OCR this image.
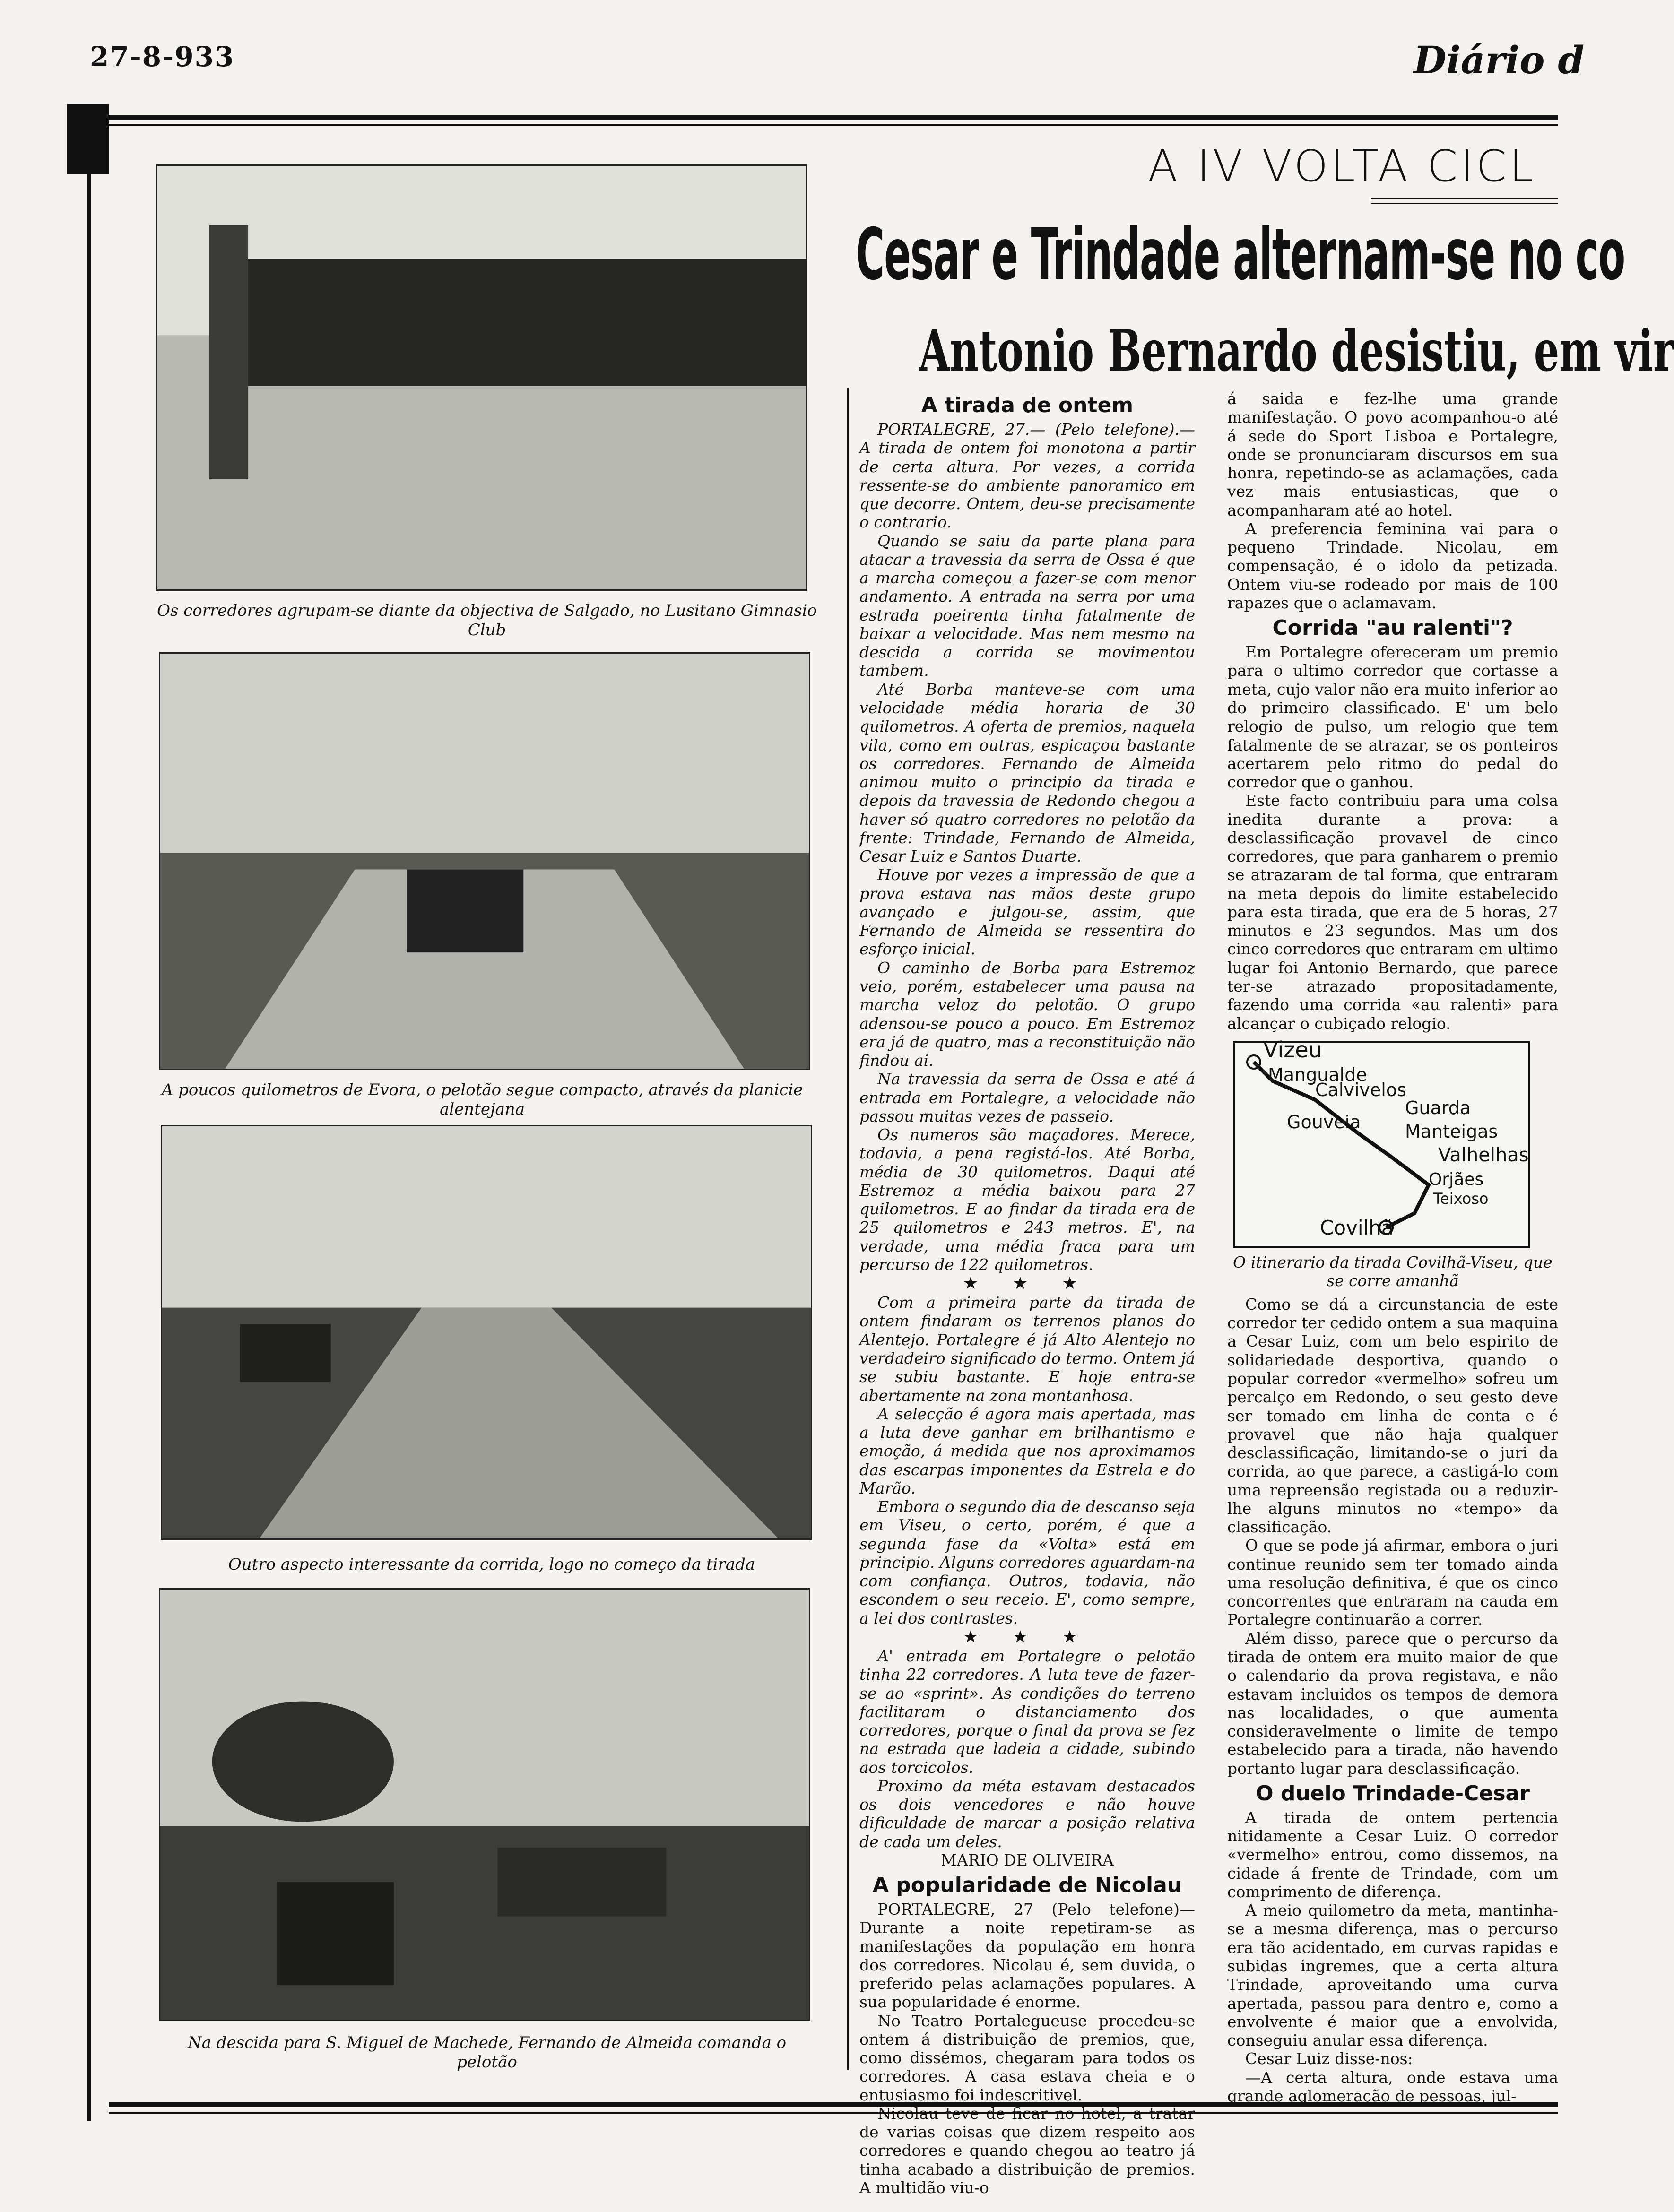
27-8-933	Diário d
Os corredores agrupam-se diante da objectiva de Salgado, no Lusitano Gimnasio Club
A poucos quilometros de Evora, o pelotão segue compacto, através da planicie alentejana
Outro aspecto interessante da corrida, logo no começo da tirada
Na descida para S. Miguel de Machede, Fernando de Almeida comanda o pelotão
A IV VOLTA CICL
Cesar e Trindade alternam-se no co
Antonio Bernardo desistiu, em vir
A tirada de ontem

PORTALEGRE, 27.— (Pelo telefone).— A tirada de ontem foi monotona a partir de certa altura. Por vezes, a corrida ressente-se do ambiente panoramico em que decorre. Ontem, deu-se precisamente o contrario.

Quando se saiu da parte plana para atacar a travessia da serra de Ossa é que a marcha começou a fazer-se com menor andamento. A entrada na serra por uma estrada poeirenta tinha fatalmente de baixar a velocidade. Mas nem mesmo na descida a corrida se movimentou tambem.

Até Borba manteve-se com uma velocidade média horaria de 30 quilometros. A oferta de premios, naquela vila, como em outras, espicaçou bastante os corredores. Fernando de Almeida animou muito o principio da tirada e depois da travessia de Redondo chegou a haver só quatro corredores no pelotão da frente: Trindade, Fernando de Almeida, Cesar Luiz e Santos Duarte.

Houve por vezes a impressão de que a prova estava nas mãos deste grupo avançado e julgou-se, assim, que Fernando de Almeida se ressentira do esforço inicial.

O caminho de Borba para Estremoz veio, porém, estabelecer uma pausa na marcha veloz do pelotão. O grupo adensou-se pouco a pouco. Em Estremoz era já de quatro, mas a reconstituição não findou ai.

Na travessia da serra de Ossa e até á entrada em Portalegre, a velocidade não passou muitas vezes de passeio.

Os numeros são maçadores. Merece, todavia, a pena registá-los. Até Borba, média de 30 quilometros. Daqui até Estremoz a média baixou para 27 quilometros. E ao findar da tirada era de 25 quilometros e 243 metros. E', na verdade, uma média fraca para um percurso de 122 quilometros.

★ ★ ★

Com a primeira parte da tirada de ontem findaram os terrenos planos do Alentejo. Portalegre é já Alto Alentejo no verdadeiro significado do termo. Ontem já se subiu bastante. E hoje entra-se abertamente na zona montanhosa.

A selecção é agora mais apertada, mas a luta deve ganhar em brilhantismo e emoção, á medida que nos aproximamos das escarpas imponentes da Estrela e do Marão.

Embora o segundo dia de descanso seja em Viseu, o certo, porém, é que a segunda fase da «Volta» está em principio. Alguns corredores aguardam-na com confiança. Outros, todavia, não escondem o seu receio. E', como sempre, a lei dos contrastes.

★ ★ ★

A' entrada em Portalegre o pelotão tinha 22 corredores. A luta teve de fazer-se ao «sprint». As condições do terreno facilitaram o distanciamento dos corredores, porque o final da prova se fez na estrada que ladeia a cidade, subindo aos torcicolos.

Proximo da méta estavam destacados os dois vencedores e não houve dificuldade de marcar a posição relativa de cada um deles.

MARIO DE OLIVEIRA
A popularidade de Nicolau

PORTALEGRE, 27 (Pelo telefone)— Durante a noite repetiram-se as manifestações da população em honra dos corredores. Nicolau é, sem duvida, o preferido pelas aclamações populares. A sua popularidade é enorme.

No Teatro Portalegueuse procedeu-se ontem á distribuição de premios, que, como dissémos, chegaram para todos os corredores. A casa estava cheia e o entusiasmo foi indescritivel.

Nicolau teve de ficar no hotel, a tratar de varias coisas que dizem respeito aos corredores e quando chegou ao teatro já tinha acabado a distribuição de premios. A multidão viu-o

á saida e fez-lhe uma grande manifestação. O povo acompanhou-o até á sede do Sport Lisboa e Portalegre, onde se pronunciaram discursos em sua honra, repetindo-se as aclamações, cada vez mais entusiasticas, que o acompanharam até ao hotel.

A preferencia feminina vai para o pequeno Trindade. Nicolau, em compensação, é o idolo da petizada. Ontem viu-se rodeado por mais de 100 rapazes que o aclamavam.

Corrida "au ralenti"?

Em Portalegre ofereceram um premio para o ultimo corredor que cortasse a meta, cujo valor não era muito inferior ao do primeiro classificado. E' um belo relogio de pulso, um relogio que tem fatalmente de se atrazar, se os ponteiros acertarem pelo ritmo do pedal do corredor que o ganhou.

Este facto contribuiu para uma colsa inedita durante a prova: a desclassificação provavel de cinco corredores, que para ganharem o premio se atrazaram de tal forma, que entraram na meta depois do limite estabelecido para esta tirada, que era de 5 horas, 27 minutos e 23 segundos. Mas um dos cinco corredores que entraram em ultimo lugar foi Antonio Bernardo, que parece ter-se atrazado propositadamente, fazendo uma corrida «au ralenti» para alcançar o cubiçado relogio.

Vizeu
Mangualde
Calvivelos
Guarda
Gouveia Manteigas
Valhelhas
Orjães
Teixoso
Covilhã
O itinerario da tirada Covilhã-Viseu, que se corre amanhã

Como se dá a circunstancia de este corredor ter cedido ontem a sua maquina a Cesar Luiz, com um belo espirito de solidariedade desportiva, quando o popular corredor «vermelho» sofreu um percalço em Redondo, o seu gesto deve ser tomado em linha de conta e é provavel que não haja qualquer desclassificação, limitando-se o juri da corrida, ao que parece, a castigá-lo com uma repreensão registada ou a reduzir-lhe alguns minutos no «tempo» da classificação.

O que se pode já afirmar, embora o juri continue reunido sem ter tomado ainda uma resolução definitiva, é que os cinco concorrentes que entraram na cauda em Portalegre continuarão a correr.

Além disso, parece que o percurso da tirada de ontem era muito maior de que o calendario da prova registava, e não estavam incluidos os tempos de demora nas localidades, o que aumenta consideravelmente o limite de tempo estabelecido para a tirada, não havendo portanto lugar para desclassificação.

O duelo Trindade-Cesar

A tirada de ontem pertencia nitidamente a Cesar Luiz. O corredor «vermelho» entrou, como dissemos, na cidade á frente de Trindade, com um comprimento de diferença.

A meio quilometro da meta, mantinha-se a mesma diferença, mas o percurso era tão acidentado, em curvas rapidas e subidas ingremes, que a certa altura Trindade, aproveitando uma curva apertada, passou para dentro e, como a envolvente é maior que a envolvida, conseguiu anular essa diferença.

Cesar Luiz disse-nos:

—A certa altura, onde estava uma grande aglomeração de pessoas, jul-
